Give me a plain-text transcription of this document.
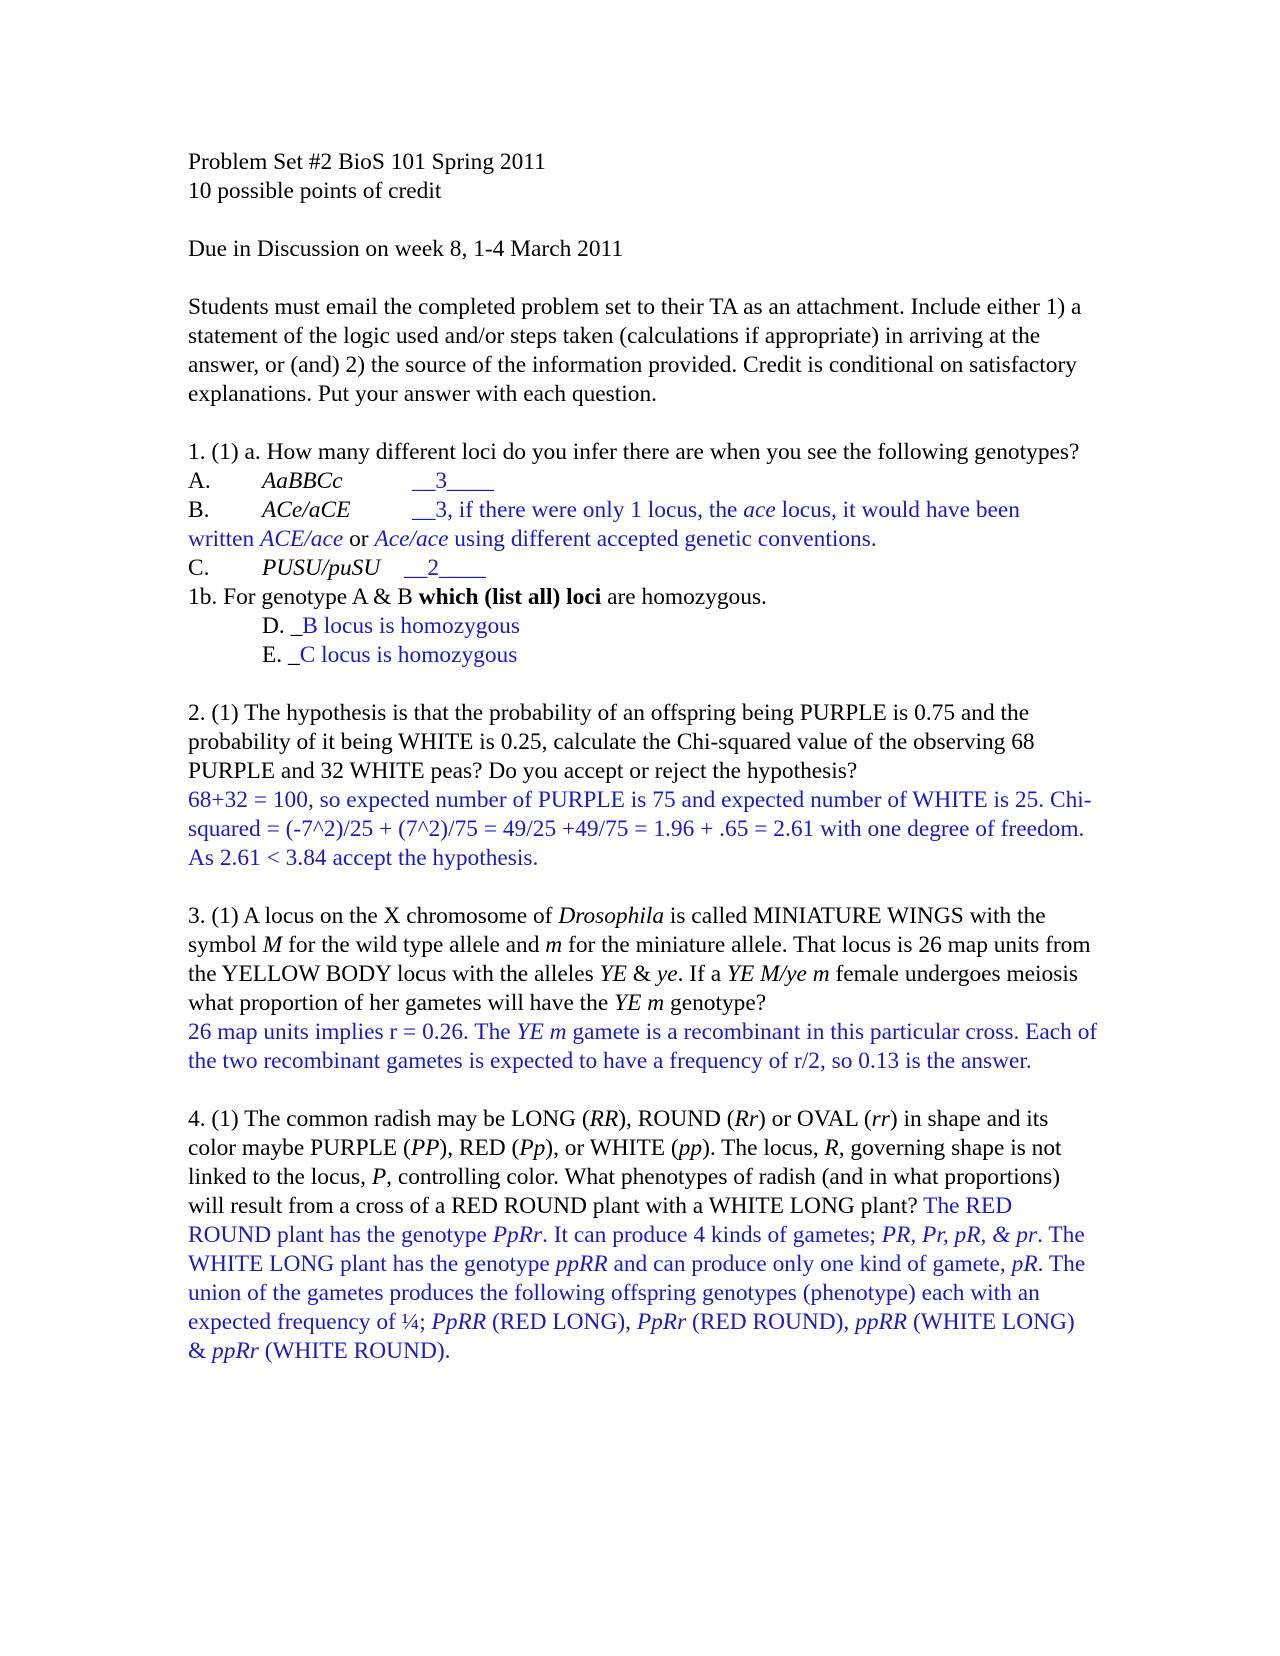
Problem Set #2 BioS 101 Spring 2011

10 possible points of credit

Due in Discussion on week 8, 1-4 March 2011

Students must email the completed problem set to their TA as an attachment. Include either 1) a statement of the logic used and/or steps taken (calculations if appropriate) in arriving at the answer, or (and) 2) the source of the information provided. Credit is conditional on satisfactory explanations. Put your answer with each question.

1. (1) a. How many different loci do you infer there are when you see the following genotypes?

A. AaBBCc	__3____
B. ACe/aCE	__3, if there were only 1 locus, the ace locus, it would have been

written ACE/ace or Ace/ace using different accepted genetic conventions.

C. PUSU/puSU __2____

1b. For genotype A & B which (list all) loci are homozygous.

D. _B locus is homozygous

E. _C locus is homozygous

2. (1) The hypothesis is that the probability of an offspring being PURPLE is 0.75 and the probability of it being WHITE is 0.25, calculate the Chi-squared value of the observing 68 PURPLE and 32 WHITE peas? Do you accept or reject the hypothesis?

68+32 = 100, so expected number of PURPLE is 75 and expected number of WHITE is 25. Chi-squared = (-7^2)/25 + (7^2)/75 = 49/25 +49/75 = 1.96 + .65 = 2.61 with one degree of freedom. As 2.61 < 3.84 accept the hypothesis.

3. (1) A locus on the X chromosome of Drosophila is called MINIATURE WINGS with the symbol M for the wild type allele and m for the miniature allele. That locus is 26 map units from the YELLOW BODY locus with the alleles YE & ye. If a YE M/ye m female undergoes meiosis what proportion of her gametes will have the YE m genotype?

26 map units implies r = 0.26. The YE m gamete is a recombinant in this particular cross. Each of the two recombinant gametes is expected to have a frequency of r/2, so 0.13 is the answer.

4. (1) The common radish may be LONG (RR), ROUND (Rr) or OVAL (rr) in shape and its color maybe PURPLE (PP), RED (Pp), or WHITE (pp). The locus, R, governing shape is not linked to the locus, P, controlling color. What phenotypes of radish (and in what proportions) will result from a cross of a RED ROUND plant with a WHITE LONG plant? The RED ROUND plant has the genotype PpRr. It can produce 4 kinds of gametes; PR, Pr, pR, & pr. The WHITE LONG plant has the genotype ppRR and can produce only one kind of gamete, pR. The union of the gametes produces the following offspring genotypes (phenotype) each with an expected frequency of ¼; PpRR (RED LONG), PpRr (RED ROUND), ppRR (WHITE LONG) & ppRr (WHITE ROUND).
